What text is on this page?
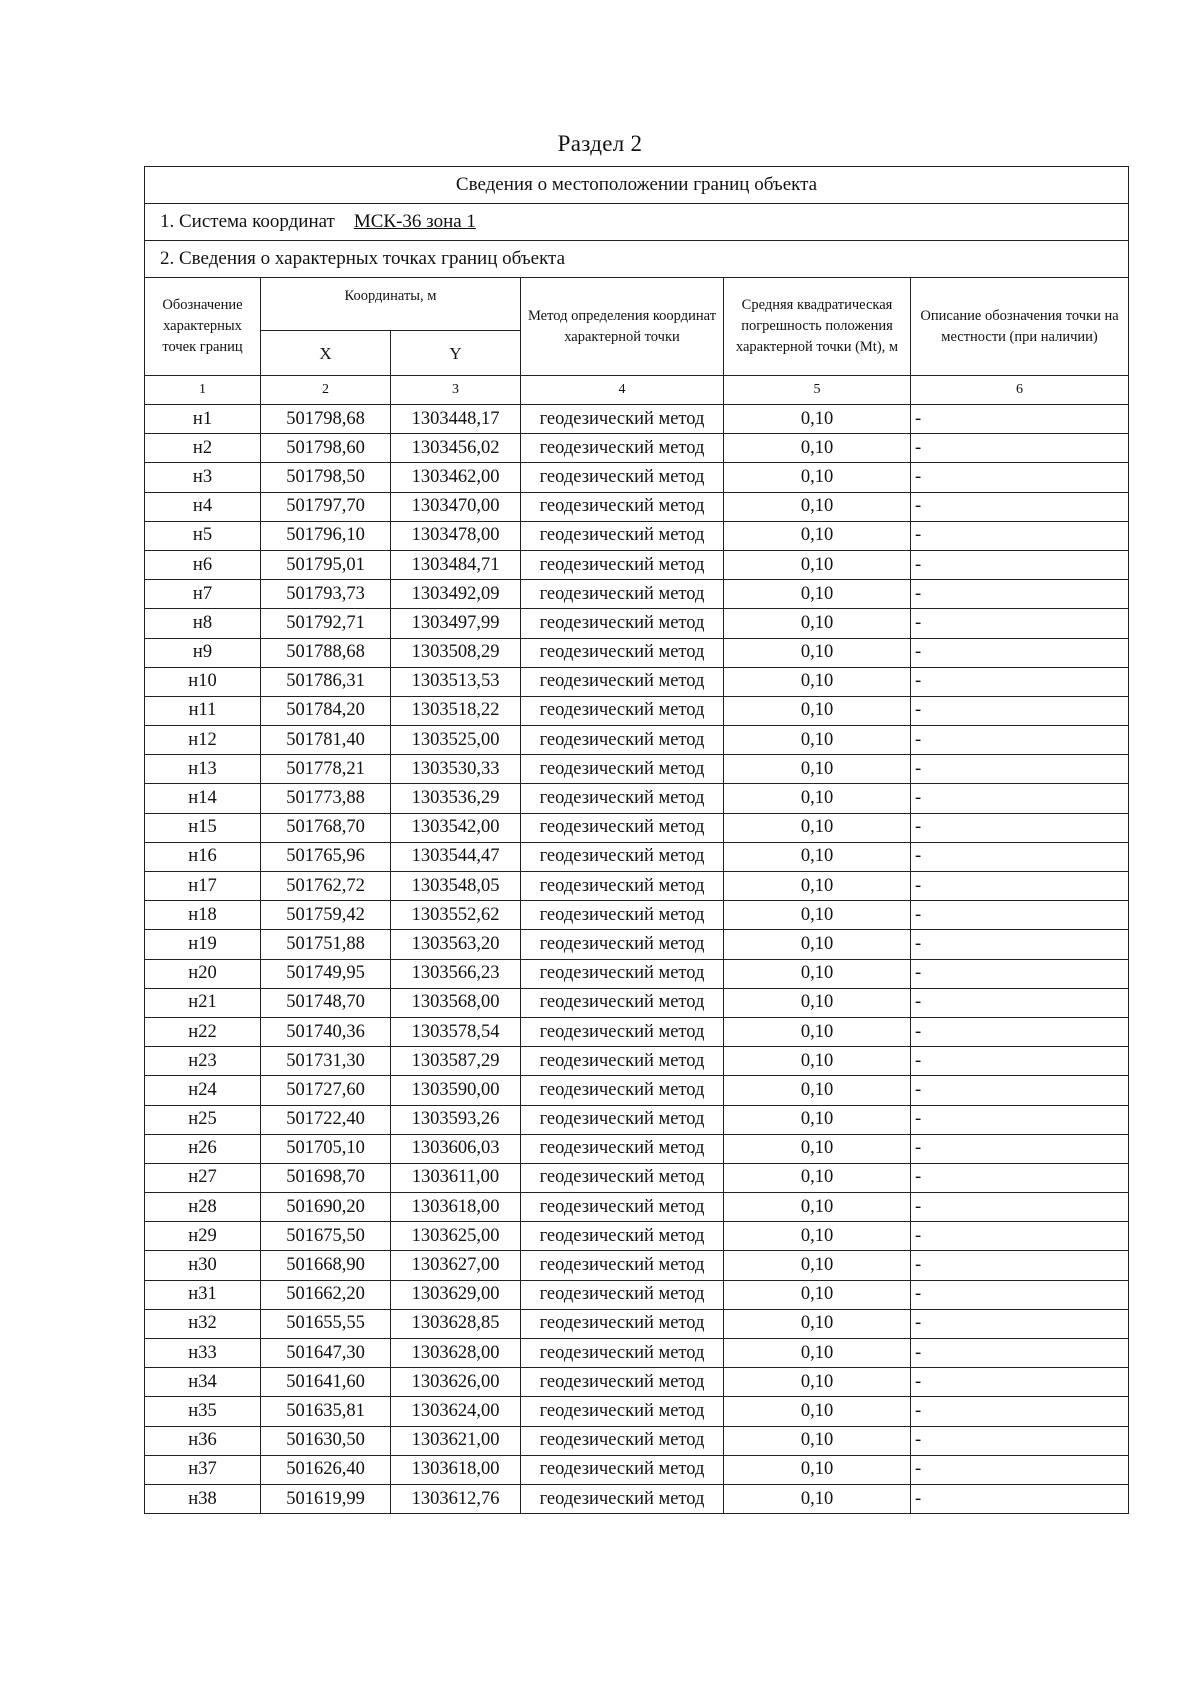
Раздел 2
Сведения о местоположении границ объекта					
1. Система координат МСК-36 зона 1					
2. Сведения о характерных точках границ объекта					
Обозначение характерных точек границ	Координаты, м		Метод определения координат характерной точки	Средняя квадратическая погрешность положения характерной точки (Mt), м	Описание обозначения точки на местности (при наличии)
	X	Y			
1	2	3	4	5	6
н1	501798,68	1303448,17	геодезический метод	0,10	-
н2	501798,60	1303456,02	геодезический метод	0,10	-
н3	501798,50	1303462,00	геодезический метод	0,10	-
н4	501797,70	1303470,00	геодезический метод	0,10	-
н5	501796,10	1303478,00	геодезический метод	0,10	-
н6	501795,01	1303484,71	геодезический метод	0,10	-
н7	501793,73	1303492,09	геодезический метод	0,10	-
н8	501792,71	1303497,99	геодезический метод	0,10	-
н9	501788,68	1303508,29	геодезический метод	0,10	-
н10	501786,31	1303513,53	геодезический метод	0,10	-
н11	501784,20	1303518,22	геодезический метод	0,10	-
н12	501781,40	1303525,00	геодезический метод	0,10	-
н13	501778,21	1303530,33	геодезический метод	0,10	-
н14	501773,88	1303536,29	геодезический метод	0,10	-
н15	501768,70	1303542,00	геодезический метод	0,10	-
н16	501765,96	1303544,47	геодезический метод	0,10	-
н17	501762,72	1303548,05	геодезический метод	0,10	-
н18	501759,42	1303552,62	геодезический метод	0,10	-
н19	501751,88	1303563,20	геодезический метод	0,10	-
н20	501749,95	1303566,23	геодезический метод	0,10	-
н21	501748,70	1303568,00	геодезический метод	0,10	-
н22	501740,36	1303578,54	геодезический метод	0,10	-
н23	501731,30	1303587,29	геодезический метод	0,10	-
н24	501727,60	1303590,00	геодезический метод	0,10	-
н25	501722,40	1303593,26	геодезический метод	0,10	-
н26	501705,10	1303606,03	геодезический метод	0,10	-
н27	501698,70	1303611,00	геодезический метод	0,10	-
н28	501690,20	1303618,00	геодезический метод	0,10	-
н29	501675,50	1303625,00	геодезический метод	0,10	-
н30	501668,90	1303627,00	геодезический метод	0,10	-
н31	501662,20	1303629,00	геодезический метод	0,10	-
н32	501655,55	1303628,85	геодезический метод	0,10	-
н33	501647,30	1303628,00	геодезический метод	0,10	-
н34	501641,60	1303626,00	геодезический метод	0,10	-
н35	501635,81	1303624,00	геодезический метод	0,10	-
н36	501630,50	1303621,00	геодезический метод	0,10	-
н37	501626,40	1303618,00	геодезический метод	0,10	-
н38	501619,99	1303612,76	геодезический метод	0,10	-
